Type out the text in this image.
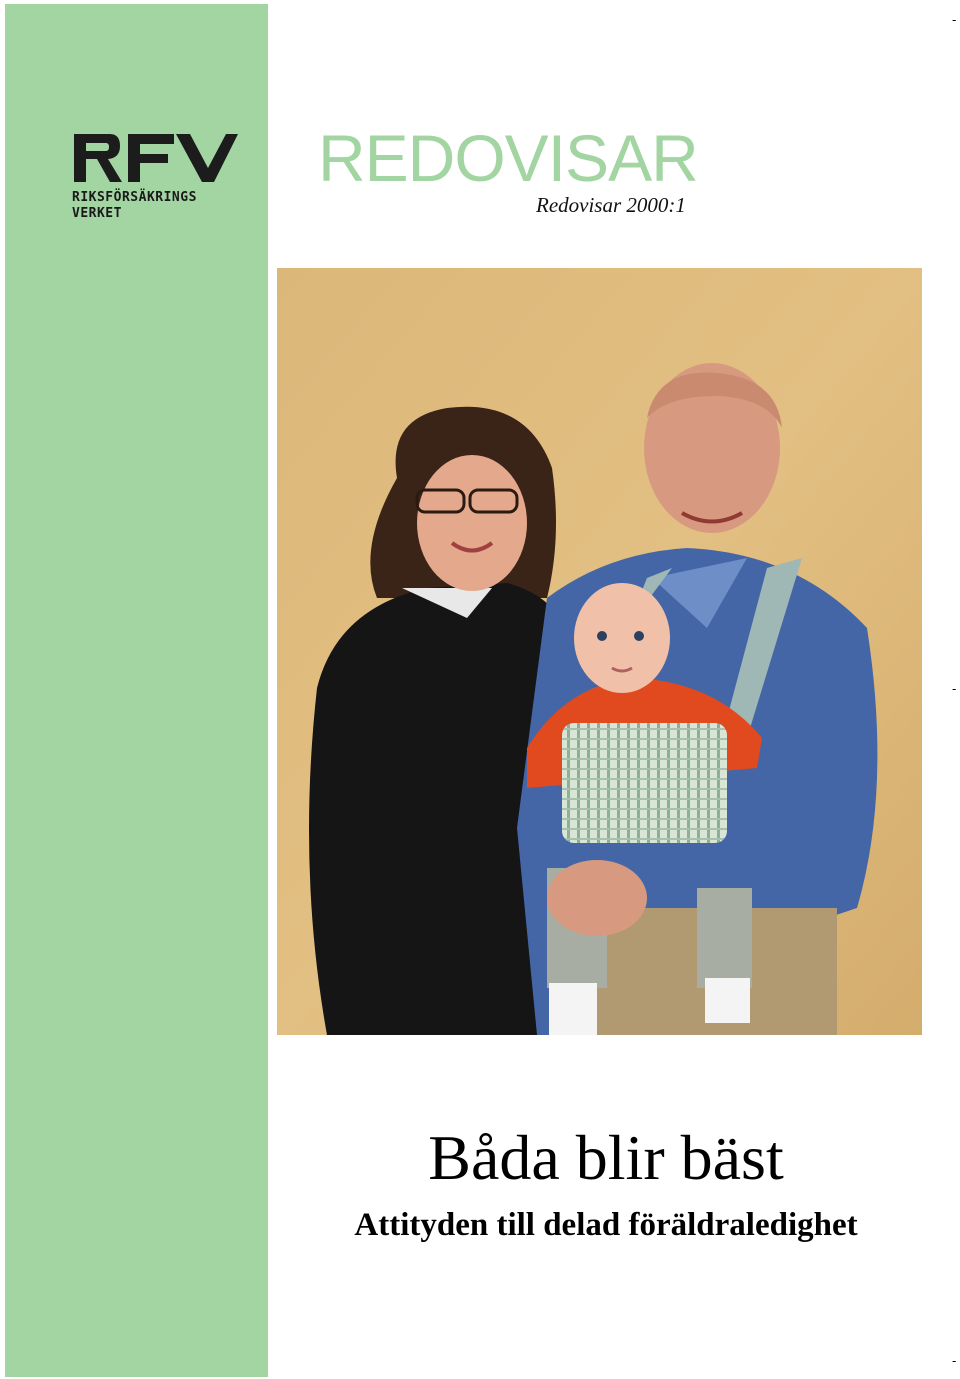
RIKSFÖRSÄKRINGS
VERKET
REDOVISAR
Redovisar 2000:1
Båda blir bäst
Attityden till delad föräldraledighet
-
-
-
